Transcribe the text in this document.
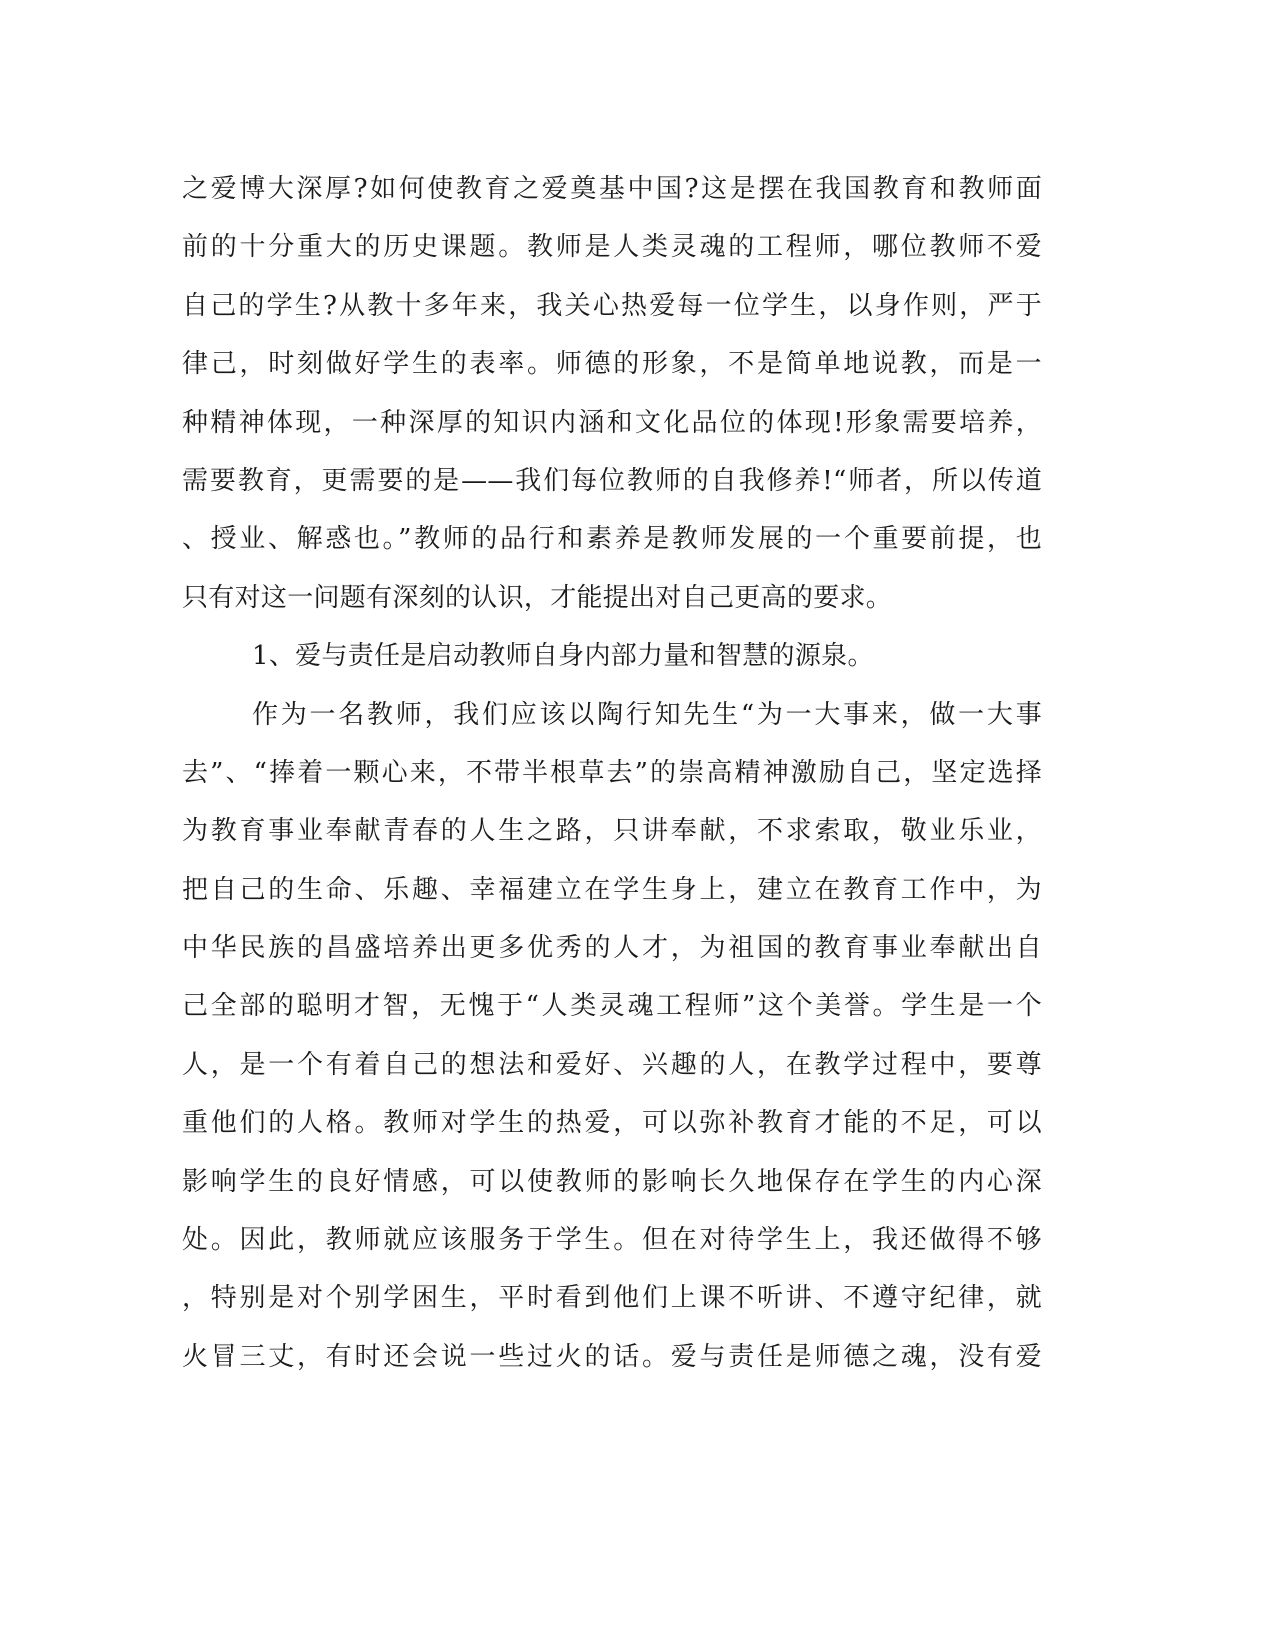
之爱博大深厚?如何使教育之爱奠基中国?这是摆在我国教育和教师面
前的十分重大的历史课题。教师是人类灵魂的工程师，哪位教师不爱
自己的学生?从教十多年来，我关心热爱每一位学生，以身作则，严于
律己，时刻做好学生的表率。师德的形象，不是简单地说教，而是一
种精神体现，一种深厚的知识内涵和文化品位的体现!形象需要培养，
需要教育，更需要的是——我们每位教师的自我修养!“师者，所以传道
、授业、解惑也。”教师的品行和素养是教师发展的一个重要前提，也
只有对这一问题有深刻的认识，才能提出对自己更高的要求。
1、爱与责任是启动教师自身内部力量和智慧的源泉。
作为一名教师，我们应该以陶行知先生“为一大事来，做一大事
去”、“捧着一颗心来，不带半根草去”的崇高精神激励自己，坚定选择
为教育事业奉献青春的人生之路，只讲奉献，不求索取，敬业乐业，
把自己的生命、乐趣、幸福建立在学生身上，建立在教育工作中，为
中华民族的昌盛培养出更多优秀的人才，为祖国的教育事业奉献出自
己全部的聪明才智，无愧于“人类灵魂工程师”这个美誉。学生是一个
人，是一个有着自己的想法和爱好、兴趣的人，在教学过程中，要尊
重他们的人格。教师对学生的热爱，可以弥补教育才能的不足，可以
影响学生的良好情感，可以使教师的影响长久地保存在学生的内心深
处。因此，教师就应该服务于学生。但在对待学生上，我还做得不够
，特别是对个别学困生，平时看到他们上课不听讲、不遵守纪律，就
火冒三丈，有时还会说一些过火的话。爱与责任是师德之魂，没有爱
